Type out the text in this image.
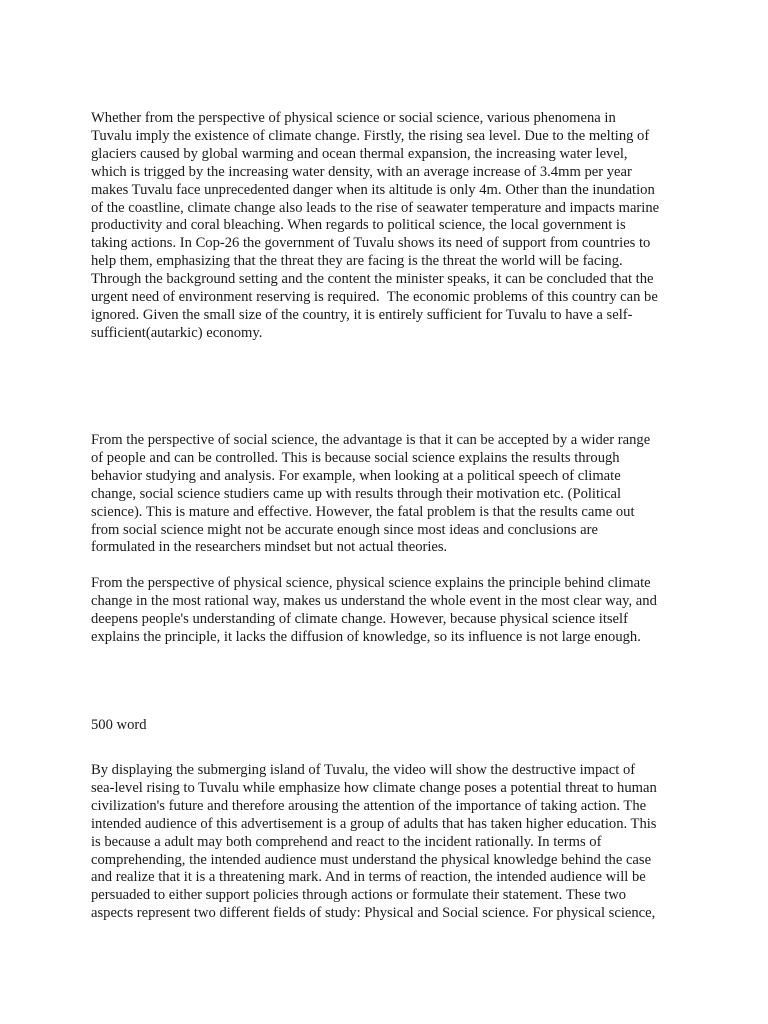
Whether from the perspective of physical science or social science, various phenomena in
Tuvalu imply the existence of climate change. Firstly, the rising sea level. Due to the melting of
glaciers caused by global warming and ocean thermal expansion, the increasing water level,
which is trigged by the increasing water density, with an average increase of 3.4mm per year
makes Tuvalu face unprecedented danger when its altitude is only 4m. Other than the inundation
of the coastline, climate change also leads to the rise of seawater temperature and impacts marine
productivity and coral bleaching. When regards to political science, the local government is
taking actions. In Cop-26 the government of Tuvalu shows its need of support from countries to
help them, emphasizing that the threat they are facing is the threat the world will be facing.
Through the background setting and the content the minister speaks, it can be concluded that the
urgent need of environment reserving is required.  The economic problems of this country can be
ignored. Given the small size of the country, it is entirely sufficient for Tuvalu to have a self-
sufficient(autarkic) economy.

From the perspective of social science, the advantage is that it can be accepted by a wider range
of people and can be controlled. This is because social science explains the results through
behavior studying and analysis. For example, when looking at a political speech of climate
change, social science studiers came up with results through their motivation etc. (Political
science). This is mature and effective. However, the fatal problem is that the results came out
from social science might not be accurate enough since most ideas and conclusions are
formulated in the researchers mindset but not actual theories.

From the perspective of physical science, physical science explains the principle behind climate
change in the most rational way, makes us understand the whole event in the most clear way, and
deepens people's understanding of climate change. However, because physical science itself
explains the principle, it lacks the diffusion of knowledge, so its influence is not large enough.

500 word

By displaying the submerging island of Tuvalu, the video will show the destructive impact of
sea-level rising to Tuvalu while emphasize how climate change poses a potential threat to human
civilization's future and therefore arousing the attention of the importance of taking action. The
intended audience of this advertisement is a group of adults that has taken higher education. This
is because a adult may both comprehend and react to the incident rationally. In terms of
comprehending, the intended audience must understand the physical knowledge behind the case
and realize that it is a threatening mark. And in terms of reaction, the intended audience will be
persuaded to either support policies through actions or formulate their statement. These two
aspects represent two different fields of study: Physical and Social science. For physical science,
